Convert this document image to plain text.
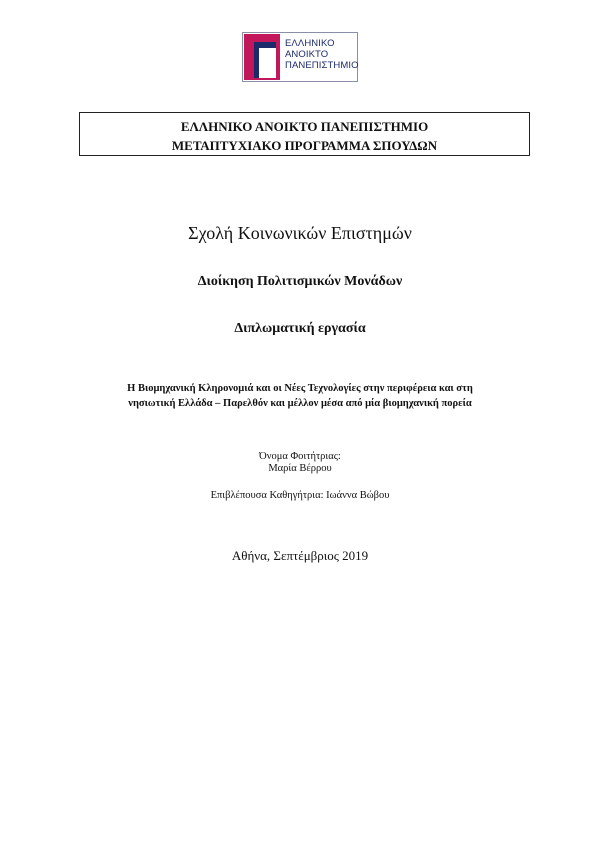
ΕΛΛΗΝΙΚΟ
ΑΝΟΙΚΤΟ
ΠΑΝΕΠΙΣΤΗΜΙΟ
ΕΛΛΗΝΙΚΟ ΑΝΟΙΚΤΟ ΠΑΝΕΠΙΣΤΗΜΙΟ
ΜΕΤΑΠΤΥΧΙΑΚΟ ΠΡΟΓΡΑΜΜΑ ΣΠΟΥΔΩΝ
Σχολή Κοινωνικών Επιστημών
Διοίκηση Πολιτισμικών Μονάδων
Διπλωματική εργασία
Η Βιομηχανική Κληρονομιά και οι Νέες Τεχνολογίες στην περιφέρεια και στη
νησιωτική Ελλάδα – Παρελθόν και μέλλον μέσα από μία βιομηχανική πορεία
Όνομα Φοιτήτριας:
Μαρία Βέρρου
Επιβλέπουσα Καθηγήτρια: Ιωάννα Βώβου
Αθήνα, Σεπτέμβριος 2019
